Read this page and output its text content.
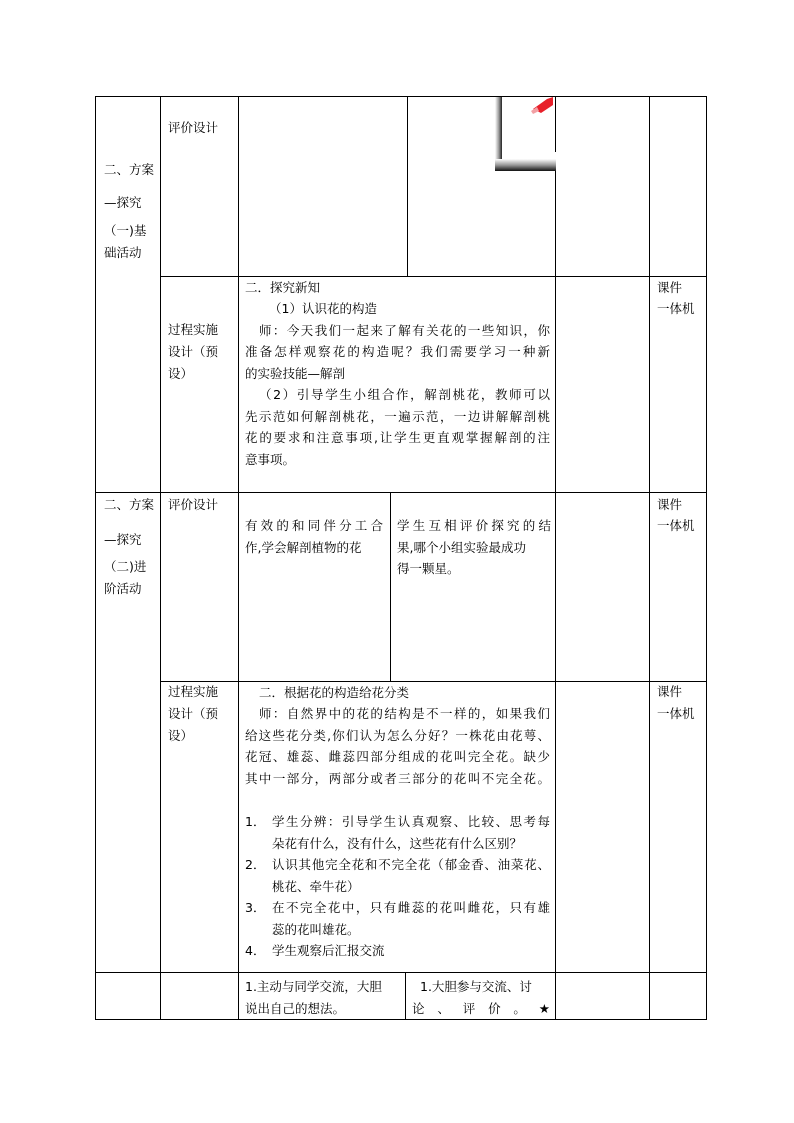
二、方案
—探究
（一)基
础活动
评价设计
过程实施
设计（预
设）
二．探究新知
（1）认识花的构造
师：今天我们一起来了解有关花的一些知识，你
准备怎样观察花的构造呢？我们需要学习一种新
的实验技能—解剖
（2）引导学生小组合作，解剖桃花，教师可以
先示范如何解剖桃花，一遍示范，一边讲解解剖桃
花的要求和注意事项,让学生更直观掌握解剖的注
意事项。
课件
一体机
二、方案
—探究
（二)进
阶活动
评价设计
有效的和同伴分工合
作,学会解剖植物的花
学生互相评价探究的结
果,哪个小组实验最成功
得一颗星。
课件
一体机
过程实施
设计（预
设）
二．根据花的构造给花分类
师：自然界中的花的结构是不一样的，如果我们
给这些花分类,你们认为怎么分好？一株花由花萼、
花冠、雄蕊、雌蕊四部分组成的花叫完全花。缺少
其中一部分，两部分或者三部分的花叫不完全花。
1． 学生分辨：引导学生认真观察、比较、思考每
朵花有什么，没有什么，这些花有什么区别？
2． 认识其他完全花和不完全花（郁金香、油菜花、
桃花、牵牛花）
3． 在不完全花中，只有雌蕊的花叫雌花，只有雄
蕊的花叫雄花。
4． 学生观察后汇报交流
课件
一体机
1.主动与同学交流，大胆
说出自己的想法。
1.大胆参与交流、讨
论 、 评 价 。 ★
